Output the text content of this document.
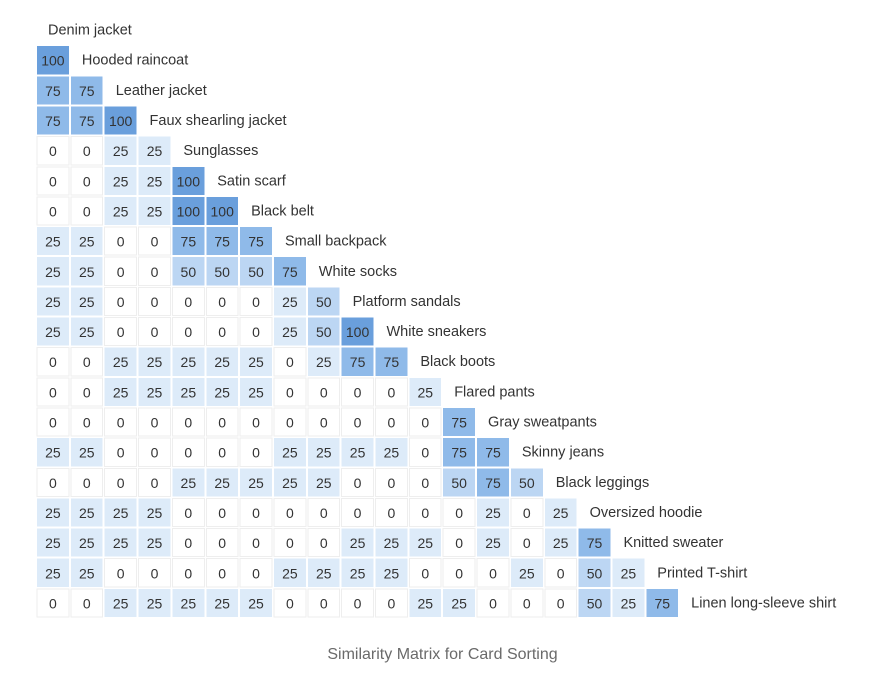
Denim jacket
100 Hooded raincoat
75 75 Leather jacket
75 75 100 Faux shearling jacket
0 0 25 25 Sunglasses
0 0 25 25 100 Satin scarf
0 0 25 25 100 100 Black belt
25 25 0 0 75 75 75 Small backpack
25 25 0 0 50 50 50 75 White socks
25 25 0 0 0 0 0 25 50 Platform sandals
25 25 0 0 0 0 0 25 50 100 White sneakers
0 0 25 25 25 25 25 0 25 75 75 Black boots
0 0 25 25 25 25 25 0 0 0 0 25 Flared pants
0 0 0 0 0 0 0 0 0 0 0 0 75 Gray sweatpants
25 25 0 0 0 0 0 25 25 25 25 0 75 75 Skinny jeans
0 0 0 0 25 25 25 25 25 0 0 0 50 75 50 Black leggings
25 25 25 25 0 0 0 0 0 0 0 0 0 25 0 25 Oversized hoodie
25 25 25 25 0 0 0 0 0 25 25 25 0 25 0 25 75 Knitted sweater
25 25 0 0 0 0 0 25 25 25 25 0 0 0 25 0 50 25 Printed T-shirt
0 0 25 25 25 25 25 0 0 0 0 25 25 0 0 0 50 25 75 Linen long-sleeve shirt
Similarity Matrix for Card Sorting
